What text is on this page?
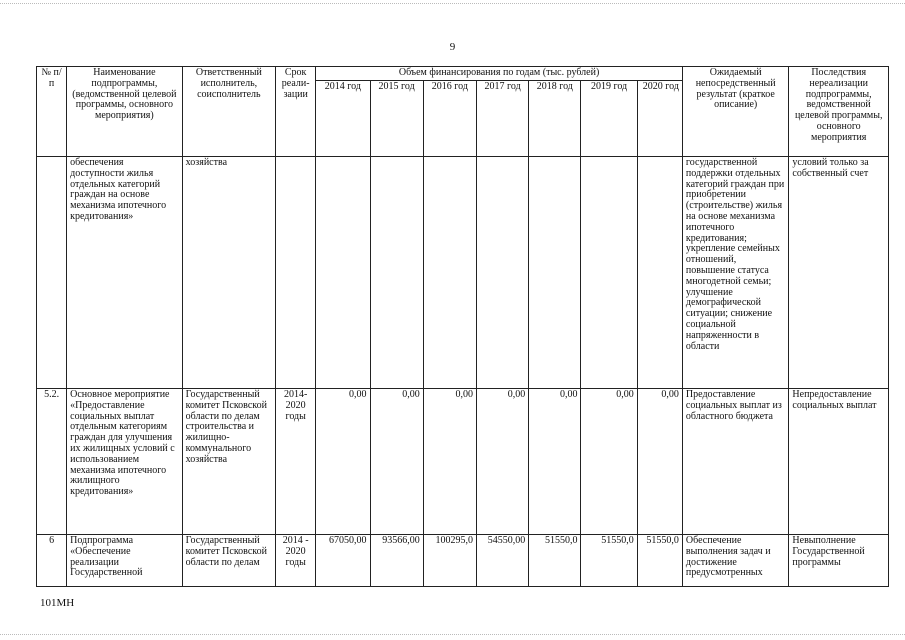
9
№ п/п	Наименование подпрограммы, (ведомственной целевой программы, основного мероприятия)	Ответственный исполнитель, соисполнитель	Срок реали-зации	Объем финансирования по годам (тыс. рублей)							Ожидаемый непосредственный результат (краткое описание)	Последствия нереализации подпрограммы, ведомственной целевой программы, основного мероприятия
				2014 год	2015 год	2016 год	2017 год	2018 год	2019 год	2020 год		
	обеспечения доступности жилья отдельных категорий граждан на основе механизма ипотечного кредитования»	хозяйства									государственной поддержки отдельных категорий граждан при приобретении (строительстве) жилья на основе механизма ипотечного кредитования; укрепление семейных отношений, повышение статуса многодетной семьи; улучшение демографической ситуации; снижение социальной напряженности в области	условий только за собственный счет
5.2.	Основное мероприятие «Предоставление социальных выплат отдельным категориям граждан для улучшения их жилищных условий с использованием механизма ипотечного жилищного кредитования»	Государственный комитет Псковской области по делам строительства и жилищно-коммунального хозяйства	2014-2020 годы	0,00	0,00	0,00	0,00	0,00	0,00	0,00	Предоставление социальных выплат из областного бюджета	Непредоставление социальных выплат
6	Подпрограмма «Обеспечение реализации Государственной	Государственный комитет Псковской области по делам	2014 - 2020 годы	67050,00	93566,00	100295,0	54550,00	51550,0	51550,0	51550,0	Обеспечение выполнения задач и достижение предусмотренных	Невыполнение Государственной программы
101МН
